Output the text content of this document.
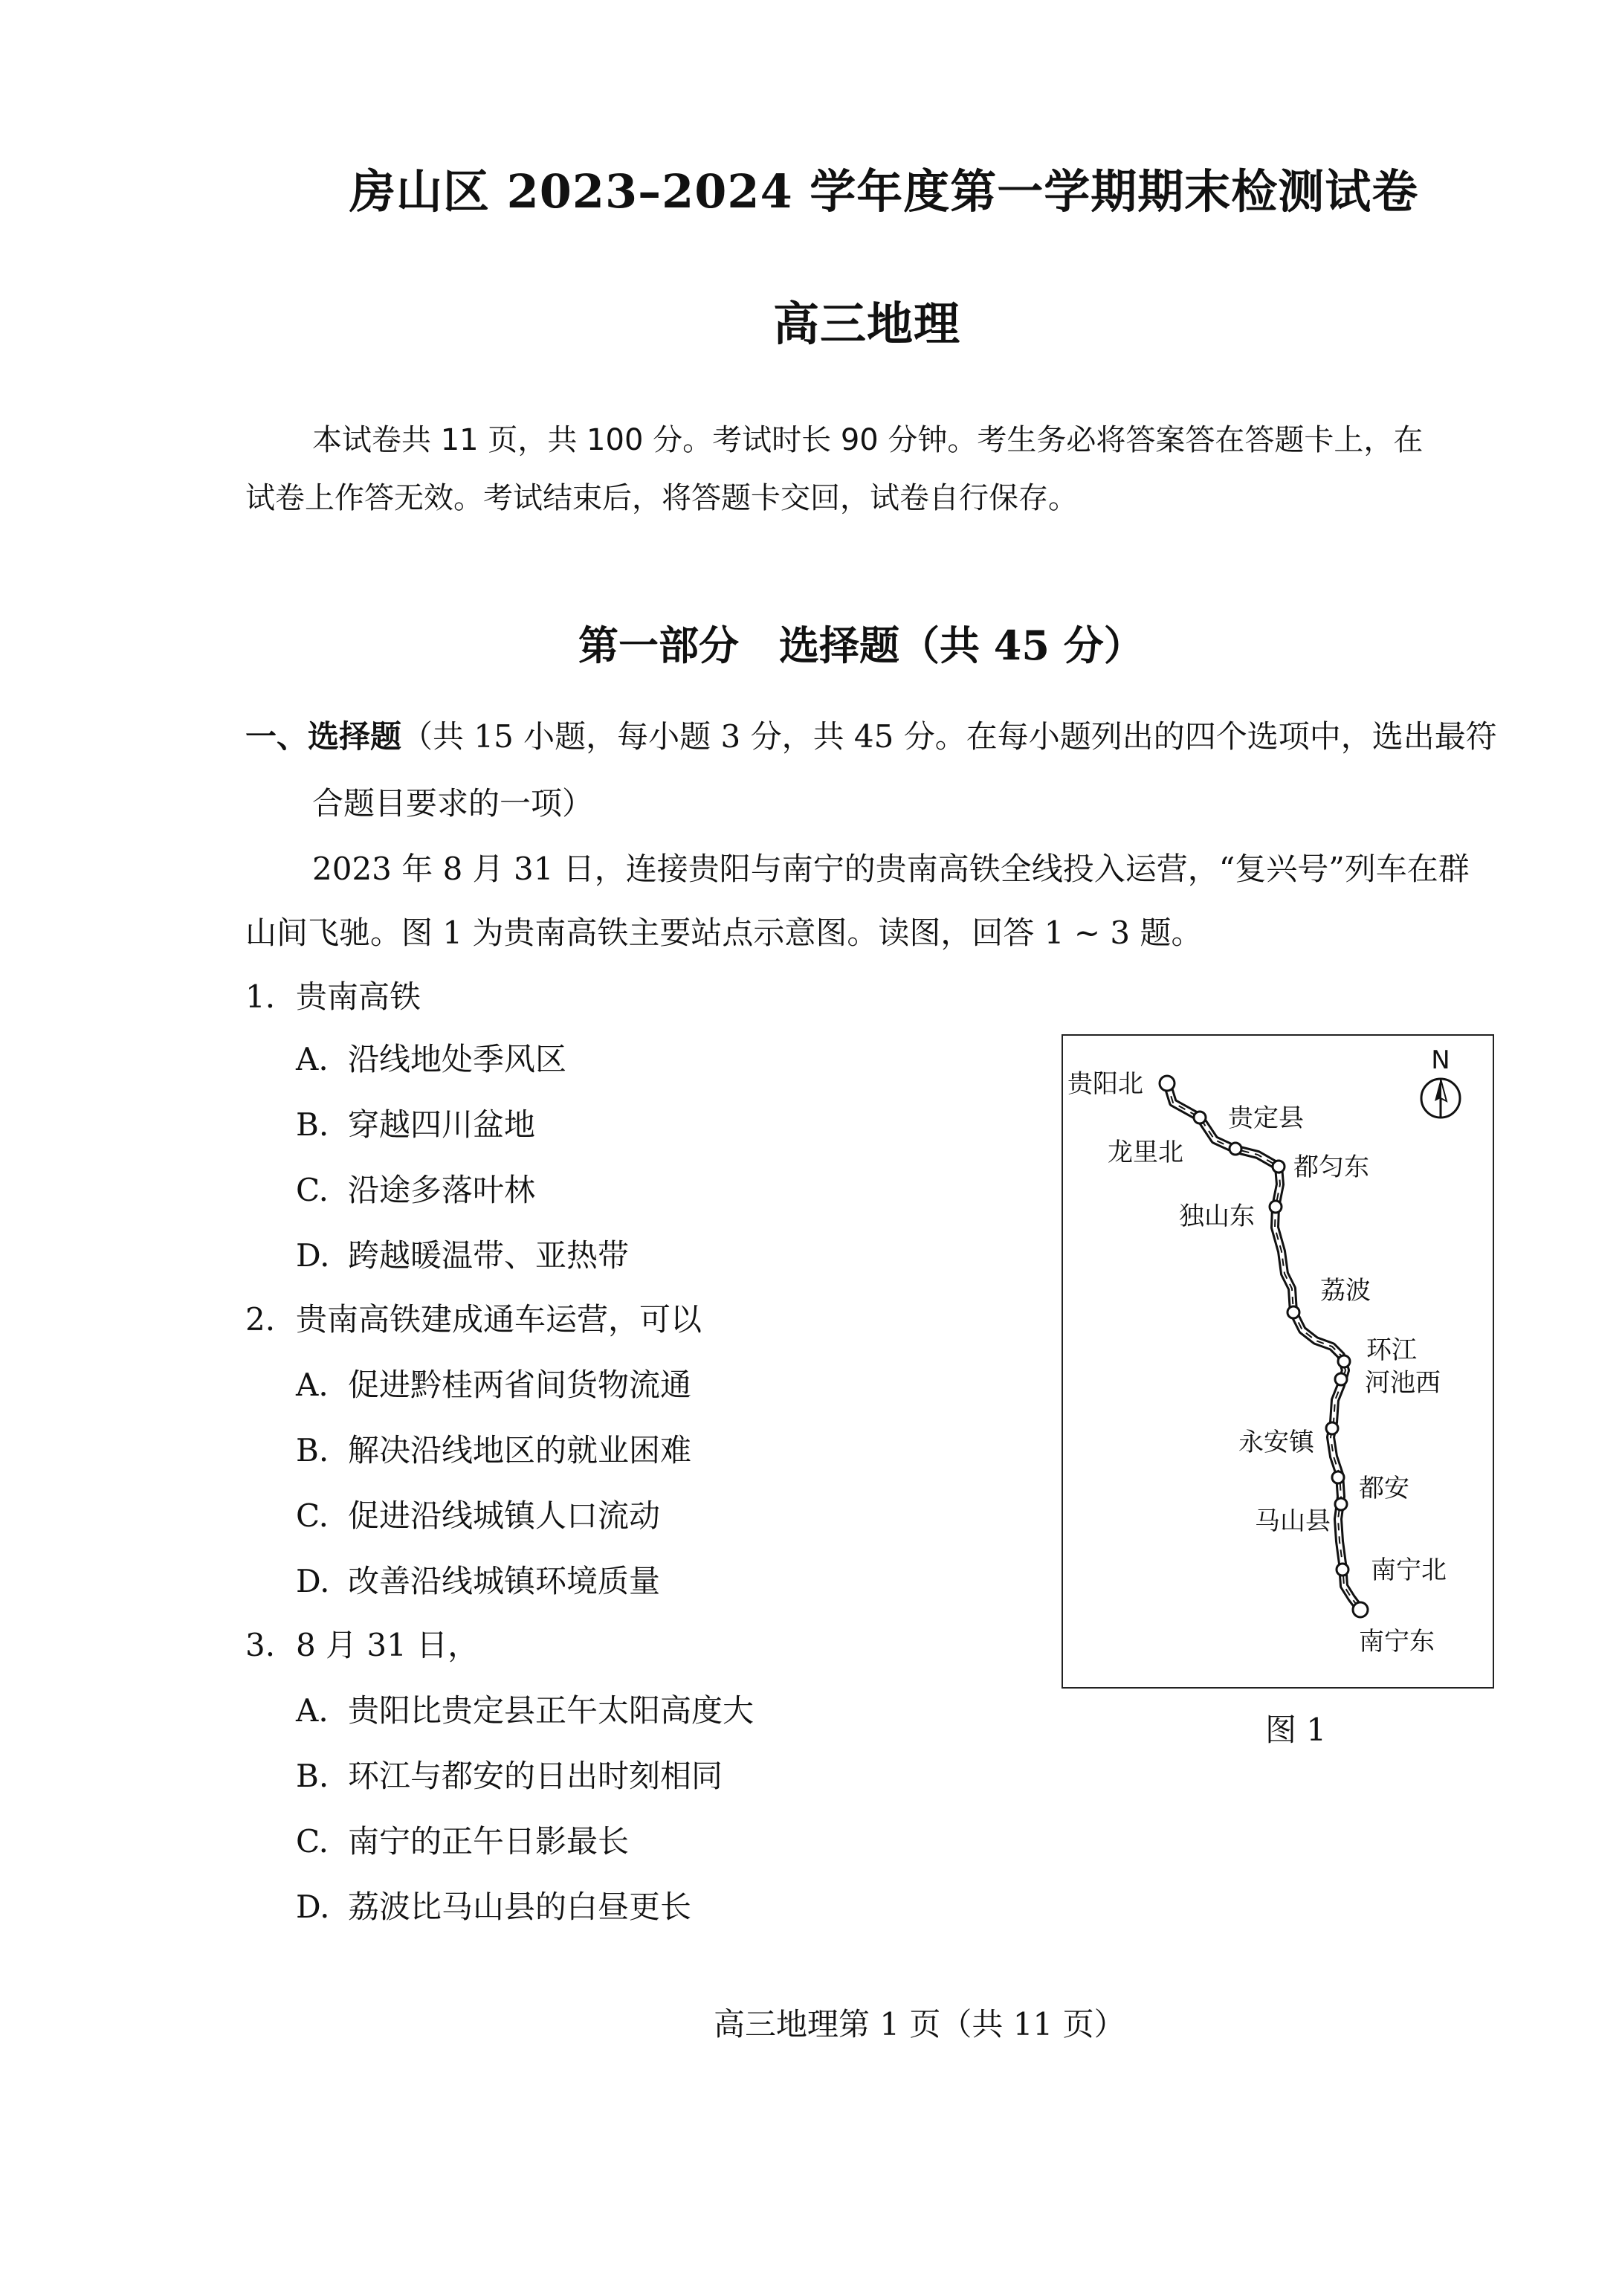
房山区 2023–2024 学年度第一学期期末检测试卷
高三地理
本试卷共 11 页，共 100 分。考试时长 90 分钟。考生务必将答案答在答题卡上，在
试卷上作答无效。考试结束后，将答题卡交回，试卷自行保存。
第一部分　选择题（共 45 分）
一、选择题（共 15 小题，每小题 3 分，共 45 分。在每小题列出的四个选项中，选出最符
合题目要求的一项）
2023 年 8 月 31 日，连接贵阳与南宁的贵南高铁全线投入运营，“复兴号”列车在群
山间飞驰。图 1 为贵南高铁主要站点示意图。读图，回答 1 ~ 3 题。
1. 贵南高铁
A. 沿线地处季风区
B. 穿越四川盆地
C. 沿途多落叶林
D. 跨越暖温带、亚热带
2. 贵南高铁建成通车运营，可以
A. 促进黔桂两省间货物流通
B. 解决沿线地区的就业困难
C. 促进沿线城镇人口流动
D. 改善沿线城镇环境质量
3. 8 月 31 日，
A. 贵阳比贵定县正午太阳高度大
B. 环江与都安的日出时刻相同
C. 南宁的正午日影最长
D. 荔波比马山县的白昼更长
贵阳北
贵定县
龙里北	都匀东
独山东
荔波
环江
河池西
永安镇
都安
马山县
南宁北
南宁东
N
图 1
高三地理第 1 页（共 11 页）
